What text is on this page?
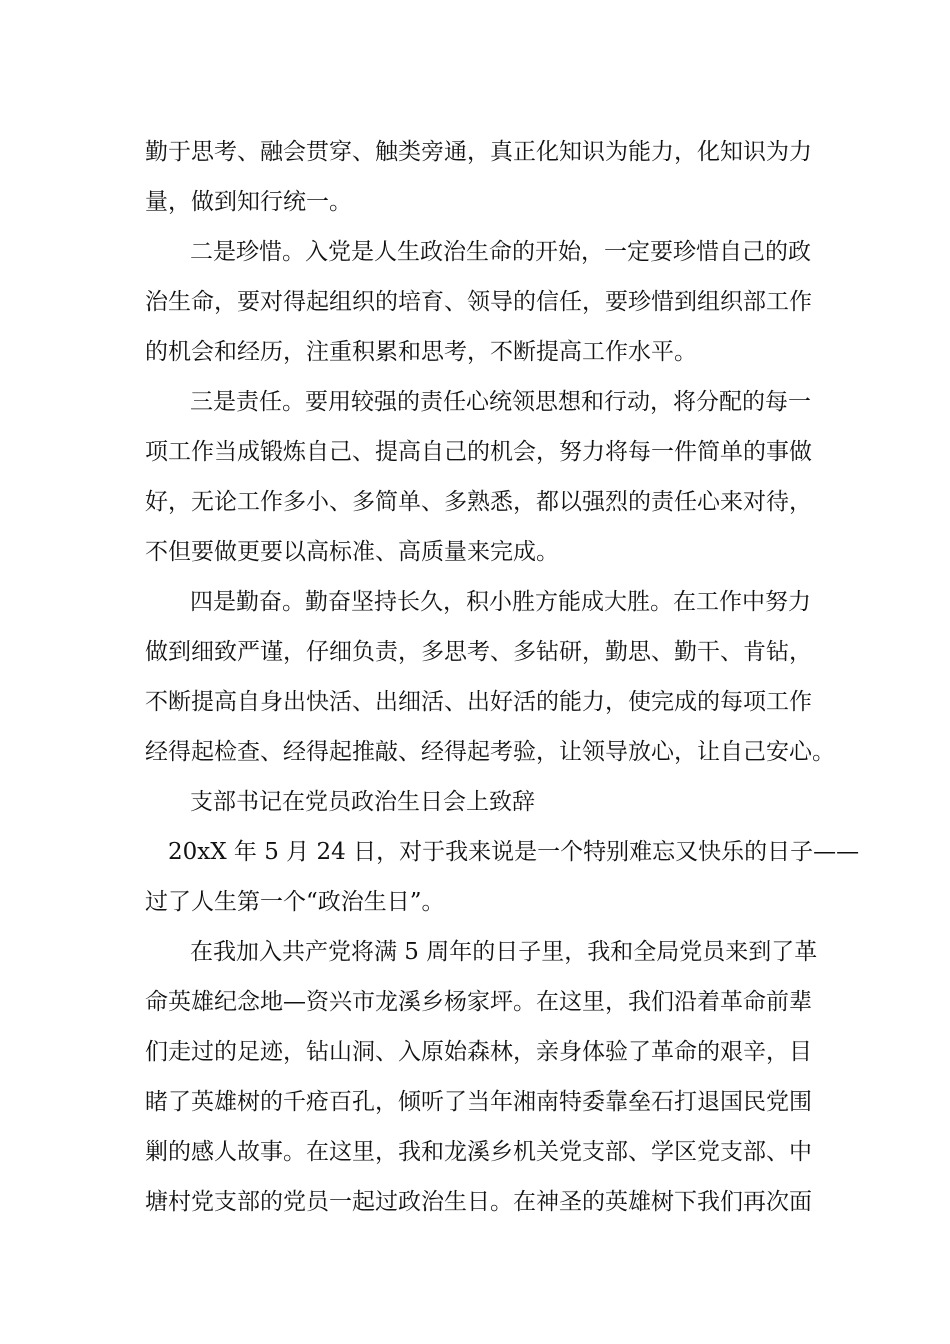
勤于思考、融会贯穿、触类旁通，真正化知识为能力，化知识为力
量，做到知行统一。
二是珍惜。入党是人生政治生命的开始，一定要珍惜自己的政
治生命，要对得起组织的培育、领导的信任，要珍惜到组织部工作
的机会和经历，注重积累和思考，不断提高工作水平。
三是责任。要用较强的责任心统领思想和行动，将分配的每一
项工作当成锻炼自己、提高自己的机会，努力将每一件简单的事做
好，无论工作多小、多简单、多熟悉，都以强烈的责任心来对待，
不但要做更要以高标准、高质量来完成。
四是勤奋。勤奋坚持长久，积小胜方能成大胜。在工作中努力
做到细致严谨，仔细负责，多思考、多钻研，勤思、勤干、肯钻，
不断提高自身出快活、出细活、出好活的能力，使完成的每项工作
经得起检查、经得起推敲、经得起考验，让领导放心，让自己安心。
支部书记在党员政治生日会上致辞
20xX 年 5 月 24 日，对于我来说是一个特别难忘又快乐的日子——
过了人生第一个“政治生日”。
在我加入共产党将满 5 周年的日子里，我和全局党员来到了革
命英雄纪念地—资兴市龙溪乡杨家坪。在这里，我们沿着革命前辈
们走过的足迹，钻山洞、入原始森林，亲身体验了革命的艰辛，目
睹了英雄树的千疮百孔，倾听了当年湘南特委靠垒石打退国民党围
剿的感人故事。在这里，我和龙溪乡机关党支部、学区党支部、中
塘村党支部的党员一起过政治生日。在神圣的英雄树下我们再次面
